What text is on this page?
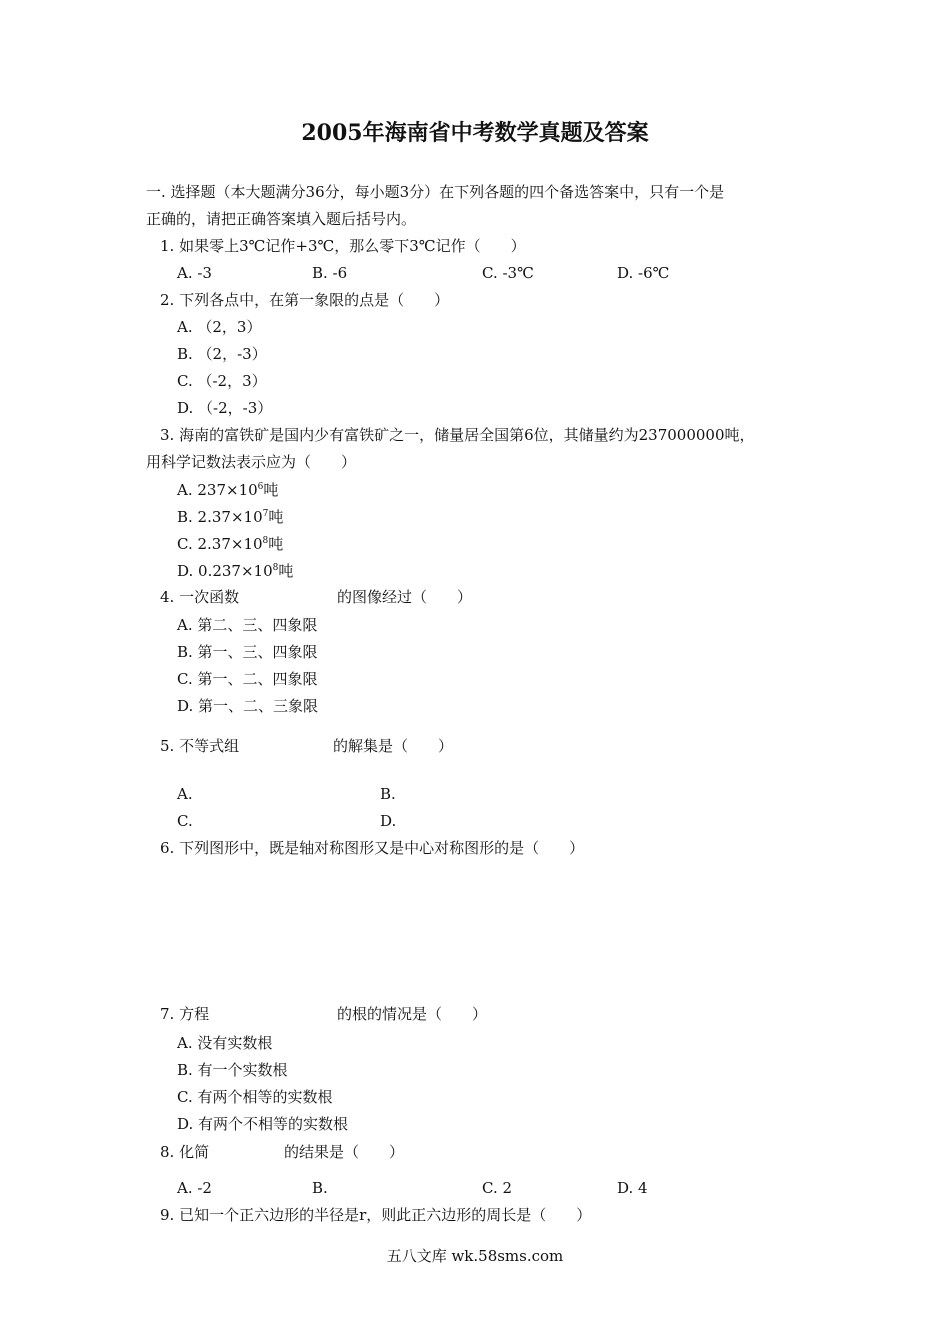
2005年海南省中考数学真题及答案
一. 选择题（本大题满分36分，每小题3分）在下列各题的四个备选答案中，只有一个是
正确的，请把正确答案填入题后括号内。
1. 如果零上3℃记作+3℃，那么零下3℃记作（　　）
A. -3	B. -6	C. -3℃	D. -6℃
2. 下列各点中，在第一象限的点是（　　）
A. （2，3）
B. （2，-3）
C. （-2，3）
D. （-2，-3）
3. 海南的富铁矿是国内少有富铁矿之一，储量居全国第6位，其储量约为237000000吨，
用科学记数法表示应为（　　）
A. $237\times 10^6$吨
B. $2.37\times 10^7$吨
C. $2.37\times 10^8$吨
D. $0.237\times 10^8$吨
4. 一次函数	的图像经过（　　）
A. 第二、三、四象限
B. 第一、三、四象限
C. 第一、二、四象限
D. 第一、二、三象限
5. 不等式组	的解集是（　　）
A.	B.
C.	D.
6. 下列图形中，既是轴对称图形又是中心对称图形的是（　　）
7. 方程	的根的情况是（　　）
A. 没有实数根
B. 有一个实数根
C. 有两个相等的实数根
D. 有两个不相等的实数根
8. 化简	的结果是（　　）
A. -2	B.	C. 2	D. 4
9. 已知一个正六边形的半径是r，则此正六边形的周长是（　　）
五八文库 wk.58sms.com
